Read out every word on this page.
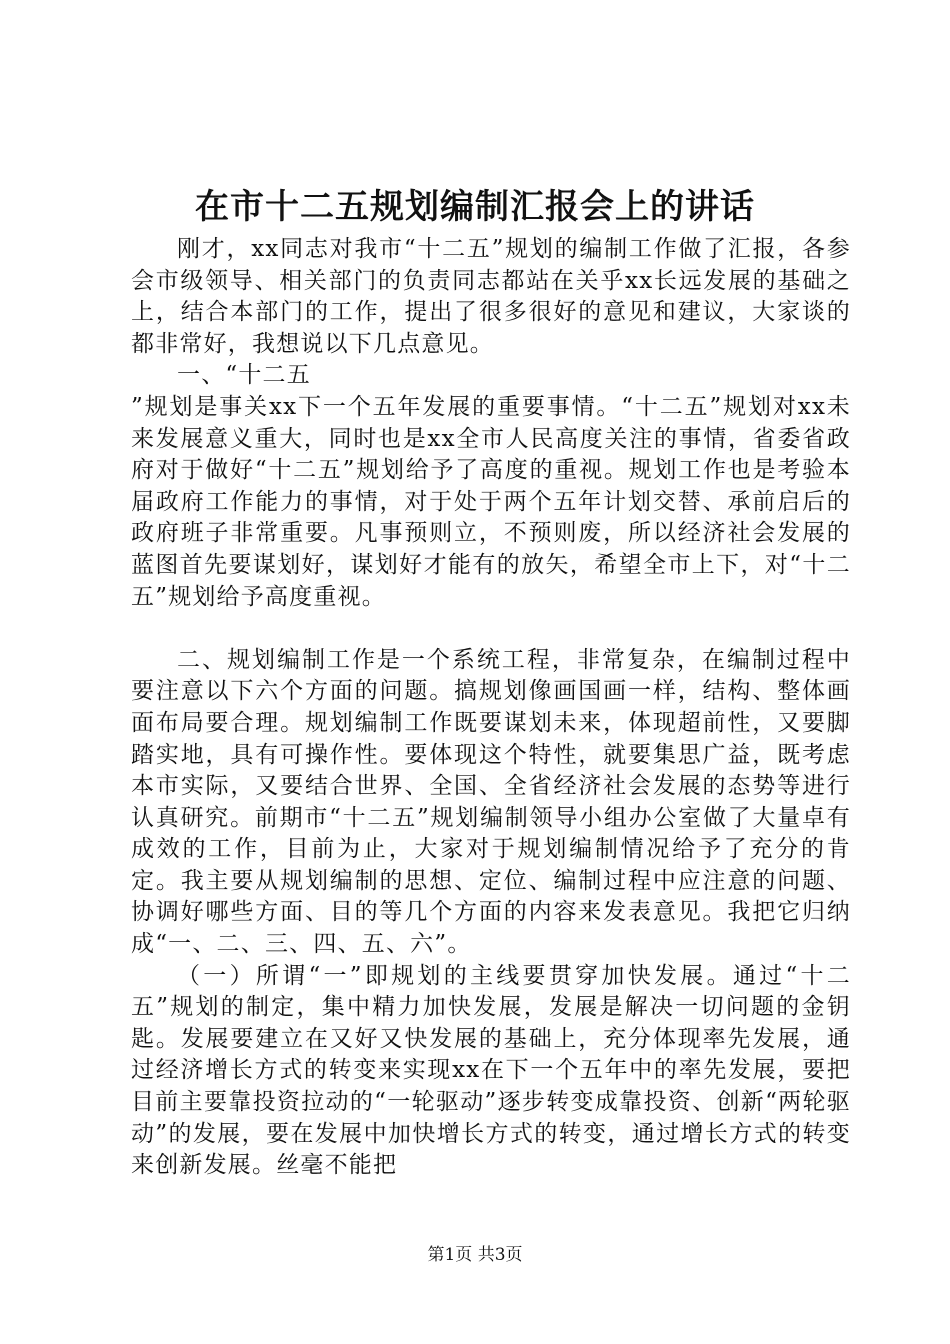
在市十二五规划编制汇报会上的讲话

刚才，xx同志对我市“十二五”规划的编制工作做了汇报，各参会市级领导、相关部门的负责同志都站在关乎xx长远发展的基础之上，结合本部门的工作，提出了很多很好的意见和建议，大家谈的都非常好，我想说以下几点意见。

一、“十二五

”规划是事关xx下一个五年发展的重要事情。“十二五”规划对xx未来发展意义重大，同时也是xx全市人民高度关注的事情，省委省政府对于做好“十二五”规划给予了高度的重视。规划工作也是考验本届政府工作能力的事情，对于处于两个五年计划交替、承前启后的政府班子非常重要。凡事预则立，不预则废，所以经济社会发展的蓝图首先要谋划好，谋划好才能有的放矢，希望全市上下，对“十二五”规划给予高度重视。

二、规划编制工作是一个系统工程，非常复杂，在编制过程中要注意以下六个方面的问题。搞规划像画国画一样，结构、整体画面布局要合理。规划编制工作既要谋划未来，体现超前性，又要脚踏实地，具有可操作性。要体现这个特性，就要集思广益，既考虑本市实际，又要结合世界、全国、全省经济社会发展的态势等进行认真研究。前期市“十二五”规划编制领导小组办公室做了大量卓有成效的工作，目前为止，大家对于规划编制情况给予了充分的肯定。我主要从规划编制的思想、定位、编制过程中应注意的问题、协调好哪些方面、目的等几个方面的内容来发表意见。我把它归纳成“一、二、三、四、五、六”。

（一）所谓“一”即规划的主线要贯穿加快发展。通过“十二五”规划的制定，集中精力加快发展，发展是解决一切问题的金钥匙。发展要建立在又好又快发展的基础上，充分体现率先发展，通过经济增长方式的转变来实现xx在下一个五年中的率先发展，要把目前主要靠投资拉动的“一轮驱动”逐步转变成靠投资、创新“两轮驱动”的发展，要在发展中加快增长方式的转变，通过增长方式的转变来创新发展。丝毫不能把

第1页 共3页
